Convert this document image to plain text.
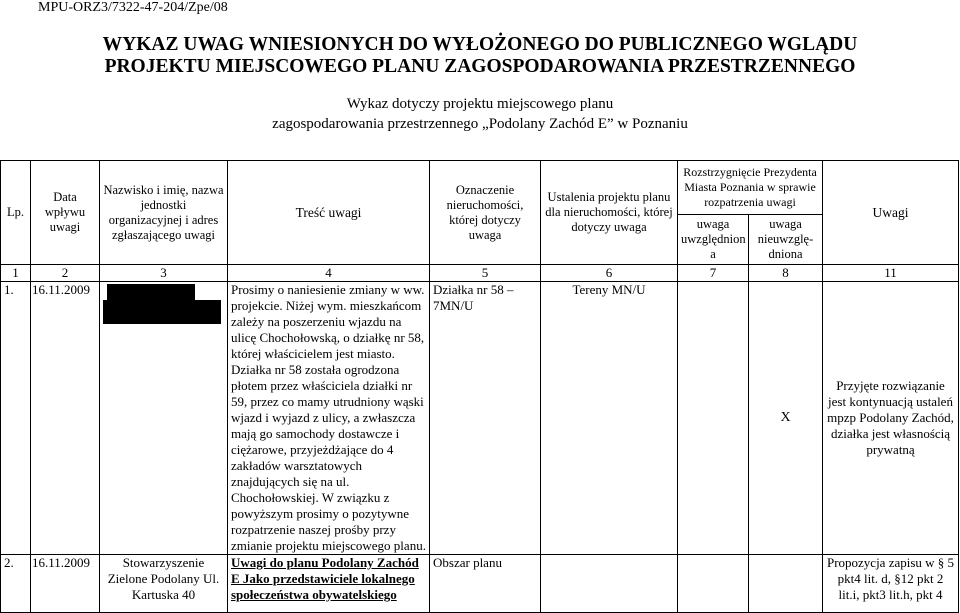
MPU-ORZ3/7322-47-204/Zpe/08
WYKAZ UWAG WNIESIONYCH DO WYŁOŻONEGO DO PUBLICZNEGO WGLĄDU
PROJEKTU MIEJSCOWEGO PLANU ZAGOSPODAROWANIA PRZESTRZENNEGO
Wykaz dotyczy projektu miejscowego planu
zagospodarowania przestrzennego „Podolany Zachód E” w Poznaniu
Lp.	Data wpływu uwagi	Nazwisko i imię, nazwa jednostki organizacyjnej i adres zgłaszającego uwagi	Treść uwagi	Oznaczenie nieruchomości, której dotyczy uwaga	Ustalenia projektu planu dla nieruchomości, której dotyczy uwaga	Rozstrzygnięcie Prezydenta Miasta Poznania w sprawie rozpatrzenia uwagi		Uwagi
						uwaga uwzględnion a	uwaga nieuwzglę- dniona	
1	2	3	4	5	6	7	8	11
1.	16.11.2009		Prosimy o naniesienie zmiany w ww. projekcie. Niżej wym. mieszkańcom zależy na poszerzeniu wjazdu na ulicę Chochołowską, o działkę nr 58, której właścicielem jest miasto. Działka nr 58 została ogrodzona płotem przez właściciela działki nr 59, przez co mamy utrudniony wąski wjazd i wyjazd z ulicy, a zwłaszcza mają go samochody dostawcze i ciężarowe, przyjeżdżające do 4 zakładów warsztatowych znajdujących się na ul. Chochołowskiej. W związku z powyższym prosimy o pozytywne rozpatrzenie naszej prośby przy zmianie projektu miejscowego planu.	Działka nr 58 – 7MN/U	Tereny MN/U		X	Przyjęte rozwiązanie jest kontynuacją ustaleń mpzp Podolany Zachód, działka jest własnością prywatną
2.	16.11.2009	Stowarzyszenie Zielone Podolany Ul. Kartuska 40	Uwagi do planu Podolany Zachód E Jako przedstawiciele lokalnego społeczeństwa obywatelskiego	Obszar planu				Propozycja zapisu w § 5 pkt4 lit. d, §12 pkt 2 lit.i, pkt3 lit.h, pkt 4
